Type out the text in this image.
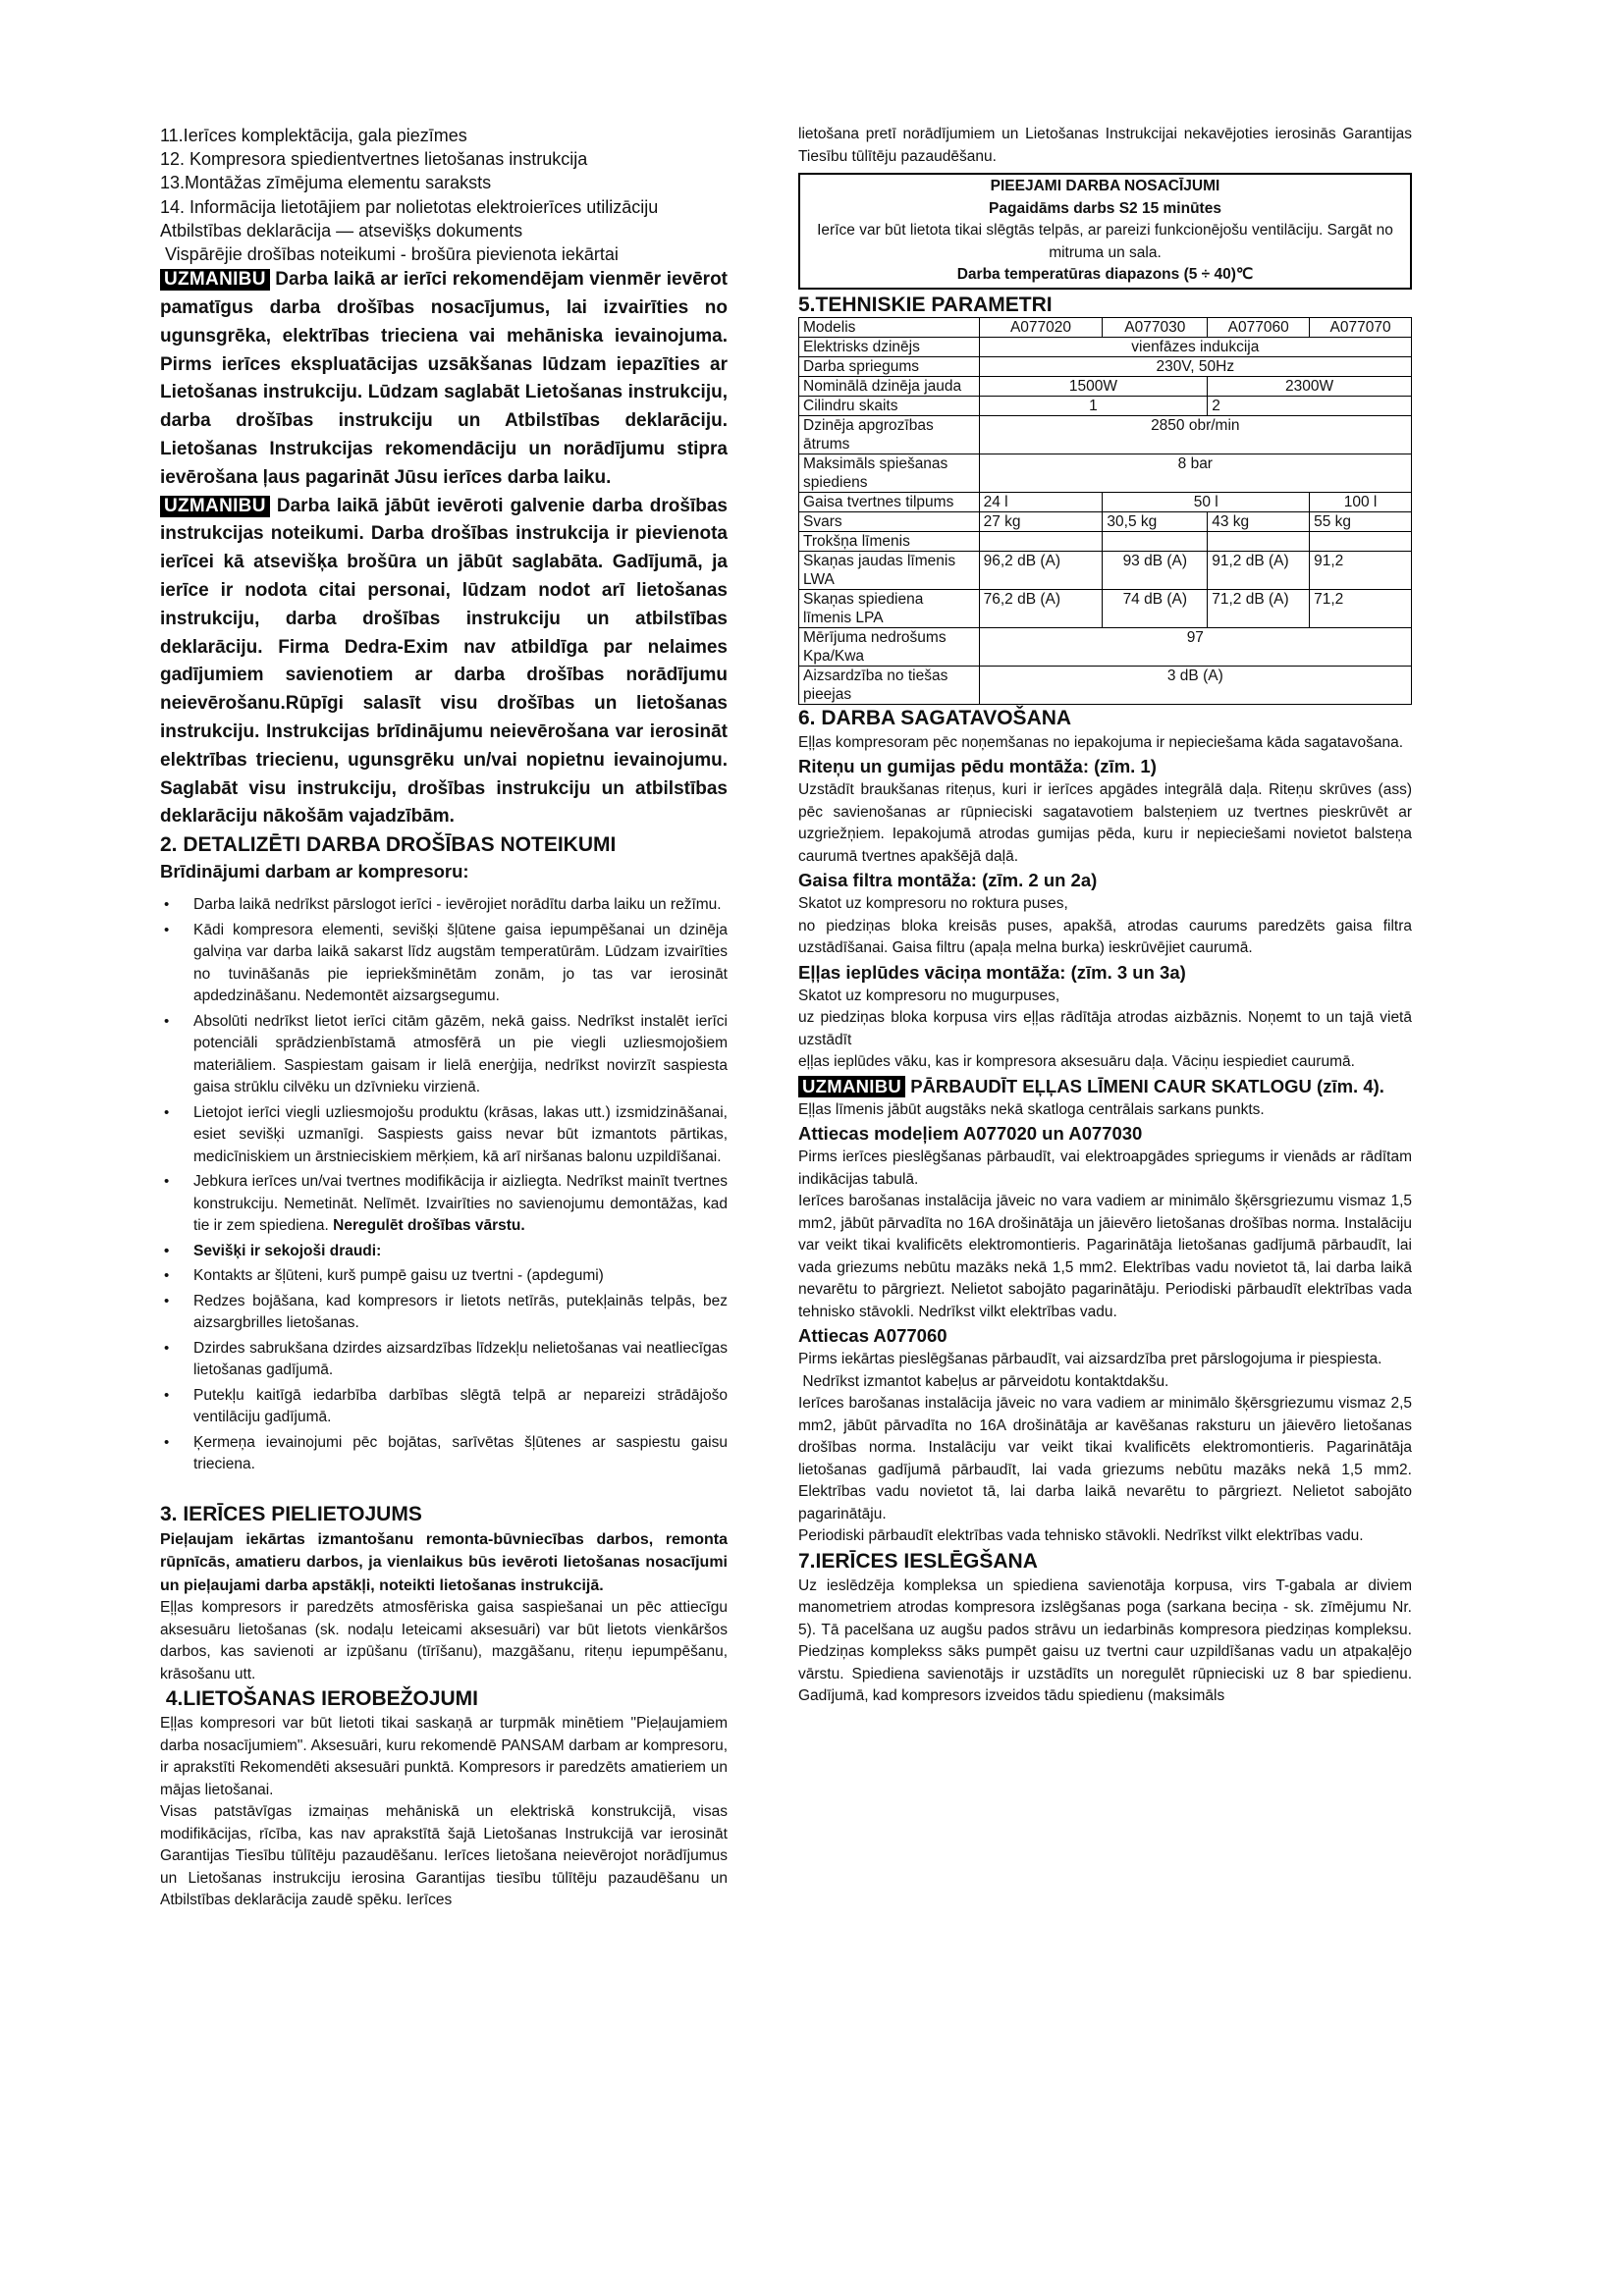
11.Ierīces komplektācija, gala piezīmes

12. Kompresora spiedientvertnes lietošanas instrukcija

13.Montāžas zīmējuma elementu saraksts

14. Informācija lietotājiem par nolietotas elektroierīces utilizāciju

Atbilstības deklarācija — atsevišķs dokuments

Vispārējie drošības noteikumi - brošūra pievienota iekārtai

UZMANIBU Darba laikā ar ierīci rekomendējam vienmēr ievērot pamatīgus darba drošības nosacījumus, lai izvairīties no ugunsgrēka, elektrības trieciena vai mehāniska ievainojuma. Pirms ierīces ekspluatācijas uzsākšanas lūdzam iepazīties ar Lietošanas instrukciju. Lūdzam saglabāt Lietošanas instrukciju, darba drošības instrukciju un Atbilstības deklarāciju. Lietošanas Instrukcijas rekomendāciju un norādījumu stipra ievērošana ļaus pagarināt Jūsu ierīces darba laiku.

UZMANIBU Darba laikā jābūt ievēroti galvenie darba drošības instrukcijas noteikumi. Darba drošības instrukcija ir pievienota ierīcei kā atsevišķa brošūra un jābūt saglabāta. Gadījumā, ja ierīce ir nodota citai personai, lūdzam nodot arī lietošanas instrukciju, darba drošības instrukciju un atbilstības deklarāciju. Firma Dedra-Exim nav atbildīga par nelaimes gadījumiem savienotiem ar darba drošības norādījumu neievērošanu.Rūpīgi salasīt visu drošības un lietošanas instrukciju. Instrukcijas brīdinājumu neievērošana var ierosināt elektrības triecienu, ugunsgrēku un/vai nopietnu ievainojumu. Saglabāt visu instrukciju, drošības instrukciju un atbilstības deklarāciju nākošām vajadzībām.

2. DETALIZĒTI DARBA DROŠĪBAS NOTEIKUMI

Brīdinājumi darbam ar kompresoru:

• Darba laikā nedrīkst pārslogot ierīci - ievērojiet norādītu darba laiku un režīmu.
• Kādi kompresora elementi, sevišķi šļūtene gaisa iepumpēšanai un dzinēja galviņa var darba laikā sakarst līdz augstām temperatūrām. Lūdzam izvairīties no tuvināšanās pie iepriekšminētām zonām, jo tas var ierosināt apdedzināšanu. Nedemontēt aizsargsegumu.
• Absolūti nedrīkst lietot ierīci citām gāzēm, nekā gaiss. Nedrīkst instalēt ierīci potenciāli sprādzienbīstamā atmosfērā un pie viegli uzliesmojošiem materiāliem. Saspiestam gaisam ir lielā enerģija, nedrīkst novirzīt saspiesta gaisa strūklu cilvēku un dzīvnieku virzienā.
• Lietojot ierīci viegli uzliesmojošu produktu (krāsas, lakas utt.) izsmidzināšanai, esiet sevišķi uzmanīgi. Saspiests gaiss nevar būt izmantots pārtikas, medicīniskiem un ārstnieciskiem mērķiem, kā arī niršanas balonu uzpildīšanai.
• Jebkura ierīces un/vai tvertnes modifikācija ir aizliegta. Nedrīkst mainīt tvertnes konstrukciju. Nemetināt. Nelīmēt. Izvairīties no savienojumu demontāžas, kad tie ir zem spiediena. Neregulēt drošības vārstu.
• Sevišķi ir sekojoši draudi:
• Kontakts ar šļūteni, kurš pumpē gaisu uz tvertni - (apdegumi)
• Redzes bojāšana, kad kompresors ir lietots netīrās, putekļainās telpās, bez aizsargbrilles lietošanas.
• Dzirdes sabrukšana dzirdes aizsardzības līdzekļu nelietošanas vai neatliecīgas lietošanas gadījumā.
• Putekļu kaitīgā iedarbība darbības slēgtā telpā ar nepareizi strādājošo ventilāciju gadījumā.
• Ķermeņa ievainojumi pēc bojātas, sarīvētas šļūtenes ar saspiestu gaisu trieciena.

3. IERĪCES PIELIETOJUMS

Pieļaujam iekārtas izmantošanu remonta-būvniecības darbos, remonta rūpnīcās, amatieru darbos, ja vienlaikus būs ievēroti lietošanas nosacījumi un pieļaujami darba apstākļi, noteikti lietošanas instrukcijā.

Eļļas kompresors ir paredzēts atmosfēriska gaisa saspiešanai un pēc attiecīgu aksesuāru lietošanas (sk. nodaļu Ieteicami aksesuāri) var būt lietots vienkāršos darbos, kas savienoti ar izpūšanu (tīrīšanu), mazgāšanu, riteņu iepumpēšanu, krāsošanu utt.

4.LIETOŠANAS IEROBEŽOJUMI

Eļļas kompresori var būt lietoti tikai saskaņā ar turpmāk minētiem "Pieļaujamiem darba nosacījumiem". Aksesuāri, kuru rekomendē PANSAM darbam ar kompresoru, ir aprakstīti Rekomendēti aksesuāri punktā. Kompresors ir paredzēts amatieriem un mājas lietošanai.

Visas patstāvīgas izmaiņas mehāniskā un elektriskā konstrukcijā, visas modifikācijas, rīcība, kas nav aprakstītā šajā Lietošanas Instrukcijā var ierosināt Garantijas Tiesību tūlītēju pazaudēšanu. Ierīces lietošana neievērojot norādījumus un Lietošanas instrukciju ierosina Garantijas tiesību tūlītēju pazaudēšanu un Atbilstības deklarācija zaudē spēku. Ierīces

lietošana pretī norādījumiem un Lietošanas Instrukcijai nekavējoties ierosinās Garantijas Tiesību tūlītēju pazaudēšanu.

PIEEJAMI DARBA NOSACĪJUMI
Pagaidāms darbs S2 15 minūtes
Ierīce var būt lietota tikai slēgtās telpās, ar pareizi funkcionējošu ventilāciju. Sargāt no mitruma un sala.
Darba temperatūras diapazons (5 ÷ 40)℃

5.TEHNISKIE PARAMETRI

Modelis	A077020	A077030	A077060	A077070
Elektrisks dzinējs	vienfāzes indukcija			
Darba spriegums	230V, 50Hz			
Nominālā dzinēja jauda	1500W		2300W	
Cilindru skaits	1		2	
Dzinēja apgrozības ātrums	2850 obr/min			
Maksimāls spiešanas spiediens	8 bar			
Gaisa tvertnes tilpums	24 l	50 l		100 l
Svars	27 kg	30,5 kg	43 kg	55 kg
Trokšņa līmenis				
Skaņas jaudas līmenis LWA	96,2 dB (A)	93 dB (A)	91,2 dB (A)	91,2
Skaņas spiediena līmenis LPA	76,2 dB (A)	74 dB (A)	71,2 dB (A)	71,2
Mērījuma nedrošums Kpa/Kwa	97			
Aizsardzība no tiešas pieejas	3 dB (A)			

6. DARBA SAGATAVOŠANA

Eļļas kompresoram pēc noņemšanas no iepakojuma ir nepieciešama kāda sagatavošana.

Riteņu un gumijas pēdu montāža: (zīm. 1)

Uzstādīt braukšanas riteņus, kuri ir ierīces apgādes integrālā daļa. Riteņu skrūves (ass) pēc savienošanas ar rūpnieciski sagatavotiem balsteņiem uz tvertnes pieskrūvēt ar uzgriežņiem. Iepakojumā atrodas gumijas pēda, kuru ir nepieciešami novietot balsteņa caurumā tvertnes apakšējā daļā.

Gaisa filtra montāža: (zīm. 2 un 2a)

Skatot uz kompresoru no roktura puses,

no piedziņas bloka kreisās puses, apakšā, atrodas caurums paredzēts gaisa filtra uzstādīšanai. Gaisa filtru (apaļa melna burka) ieskrūvējiet caurumā.

Eļļas ieplūdes vāciņa montāža: (zīm. 3 un 3a)

Skatot uz kompresoru no mugurpuses,

uz piedziņas bloka korpusa virs eļļas rādītāja atrodas aizbāznis. Noņemt to un tajā vietā uzstādīt

eļļas ieplūdes vāku, kas ir kompresora aksesuāru daļa. Vāciņu iespiediet caurumā.

UZMANIBU PĀRBAUDĪT EĻĻAS LĪMENI CAUR SKATLOGU (zīm. 4).

Eļļas līmenis jābūt augstāks nekā skatloga centrālais sarkans punkts.

Attiecas modeļiem A077020 un A077030

Pirms ierīces pieslēgšanas pārbaudīt, vai elektroapgādes spriegums ir vienāds ar rādītam indikācijas tabulā.

Ierīces barošanas instalācija jāveic no vara vadiem ar minimālo šķērsgriezumu vismaz 1,5 mm2, jābūt pārvadīta no 16A drošinātāja un jāievēro lietošanas drošības norma. Instalāciju var veikt tikai kvalificēts elektromontieris. Pagarinātāja lietošanas gadījumā pārbaudīt, lai vada griezums nebūtu mazāks nekā 1,5 mm2. Elektrības vadu novietot tā, lai darba laikā nevarētu to pārgriezt. Nelietot sabojāto pagarinātāju. Periodiski pārbaudīt elektrības vada tehnisko stāvokli. Nedrīkst vilkt elektrības vadu.

Attiecas A077060

Pirms iekārtas pieslēgšanas pārbaudīt, vai aizsardzība pret pārslogojuma ir piespiesta.

Nedrīkst izmantot kabeļus ar pārveidotu kontaktdakšu.

Ierīces barošanas instalācija jāveic no vara vadiem ar minimālo šķērsgriezumu vismaz 2,5 mm2, jābūt pārvadīta no 16A drošinātāja ar kavēšanas raksturu un jāievēro lietošanas drošības norma. Instalāciju var veikt tikai kvalificēts elektromontieris. Pagarinātāja lietošanas gadījumā pārbaudīt, lai vada griezums nebūtu mazāks nekā 1,5 mm2. Elektrības vadu novietot tā, lai darba laikā nevarētu to pārgriezt. Nelietot sabojāto pagarinātāju.

Periodiski pārbaudīt elektrības vada tehnisko stāvokli. Nedrīkst vilkt elektrības vadu.

7.IERĪCES IESLĒGŠANA

Uz ieslēdzēja kompleksa un spiediena savienotāja korpusa, virs T-gabala ar diviem manometriem atrodas kompresora izslēgšanas poga (sarkana beciņa - sk. zīmējumu Nr. 5). Tā pacelšana uz augšu pados strāvu un iedarbinās kompresora piedziņas kompleksu. Piedziņas komplekss sāks pumpēt gaisu uz tvertni caur uzpildīšanas vadu un atpakaļējo vārstu. Spiediena savienotājs ir uzstādīts un noregulēt rūpnieciski uz 8 bar spiedienu. Gadījumā, kad kompresors izveidos tādu spiedienu (maksimāls
